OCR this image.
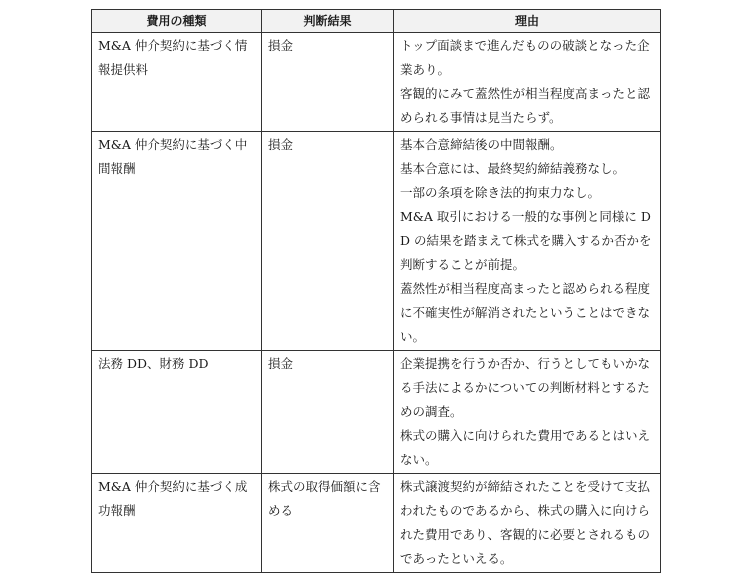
費用の種類	判断結果	理由
M&A 仲介契約に基づく情報提供料	損金	トップ面談まで進んだものの破談となった企業あり。
客観的にみて蓋然性が相当程度高まったと認められる事情は見当たらず。

M&A 仲介契約に基づく中間報酬	損金	基本合意締結後の中間報酬。
基本合意には、最終契約締結義務なし。
一部の条項を除き法的拘束力なし。
M&A 取引における一般的な事例と同様に DD の結果を踏まえて株式を購入するか否かを判断することが前提。
蓋然性が相当程度高まったと認められる程度に不確実性が解消されたということはできない。

法務 DD、財務 DD	損金	企業提携を行うか否か、行うとしてもいかなる手法によるかについての判断材料とするための調査。
株式の購入に向けられた費用であるとはいえない。

M&A 仲介契約に基づく成功報酬	株式の取得価額に含める	株式譲渡契約が締結されたことを受けて支払われたものであるから、株式の購入に向けられた費用であり、客観的に必要とされるものであったといえる。
